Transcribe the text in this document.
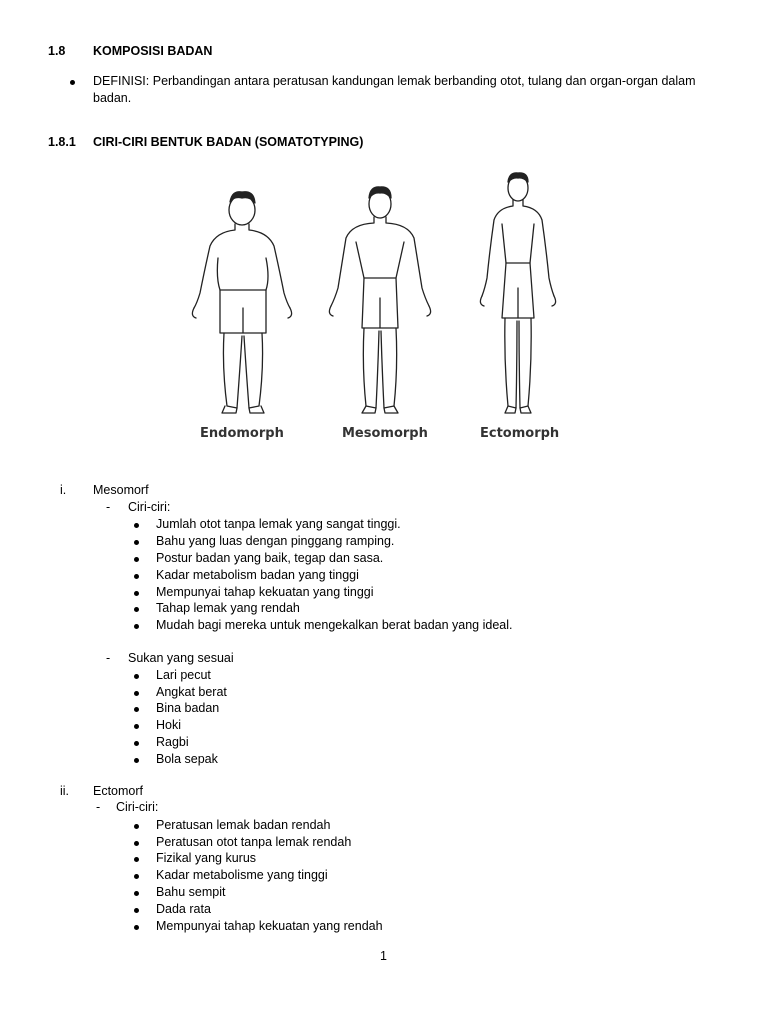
1.8 KOMPOSISI BADAN
DEFINISI: Perbandingan antara peratusan kandungan lemak berbanding otot, tulang dan organ-organ dalam badan.
1.8.1 CIRI-CIRI BENTUK BADAN (SOMATOTYPING)
Endomorph	Mesomorph	Ectomorph
i. Mesomorf
- Ciri-ciri:
Jumlah otot tanpa lemak yang sangat tinggi.
Bahu yang luas dengan pinggang ramping.
Postur badan yang baik, tegap dan sasa.
Kadar metabolism badan yang tinggi
Mempunyai tahap kekuatan yang tinggi
Tahap lemak yang rendah
Mudah bagi mereka untuk mengekalkan berat badan yang ideal.
- Sukan yang sesuai
Lari pecut
Angkat berat
Bina badan
Hoki
Ragbi
Bola sepak
ii. Ectomorf
- Ciri-ciri:
Peratusan lemak badan rendah
Peratusan otot tanpa lemak rendah
Fizikal yang kurus
Kadar metabolisme yang tinggi
Bahu sempit
Dada rata
Mempunyai tahap kekuatan yang rendah
1
